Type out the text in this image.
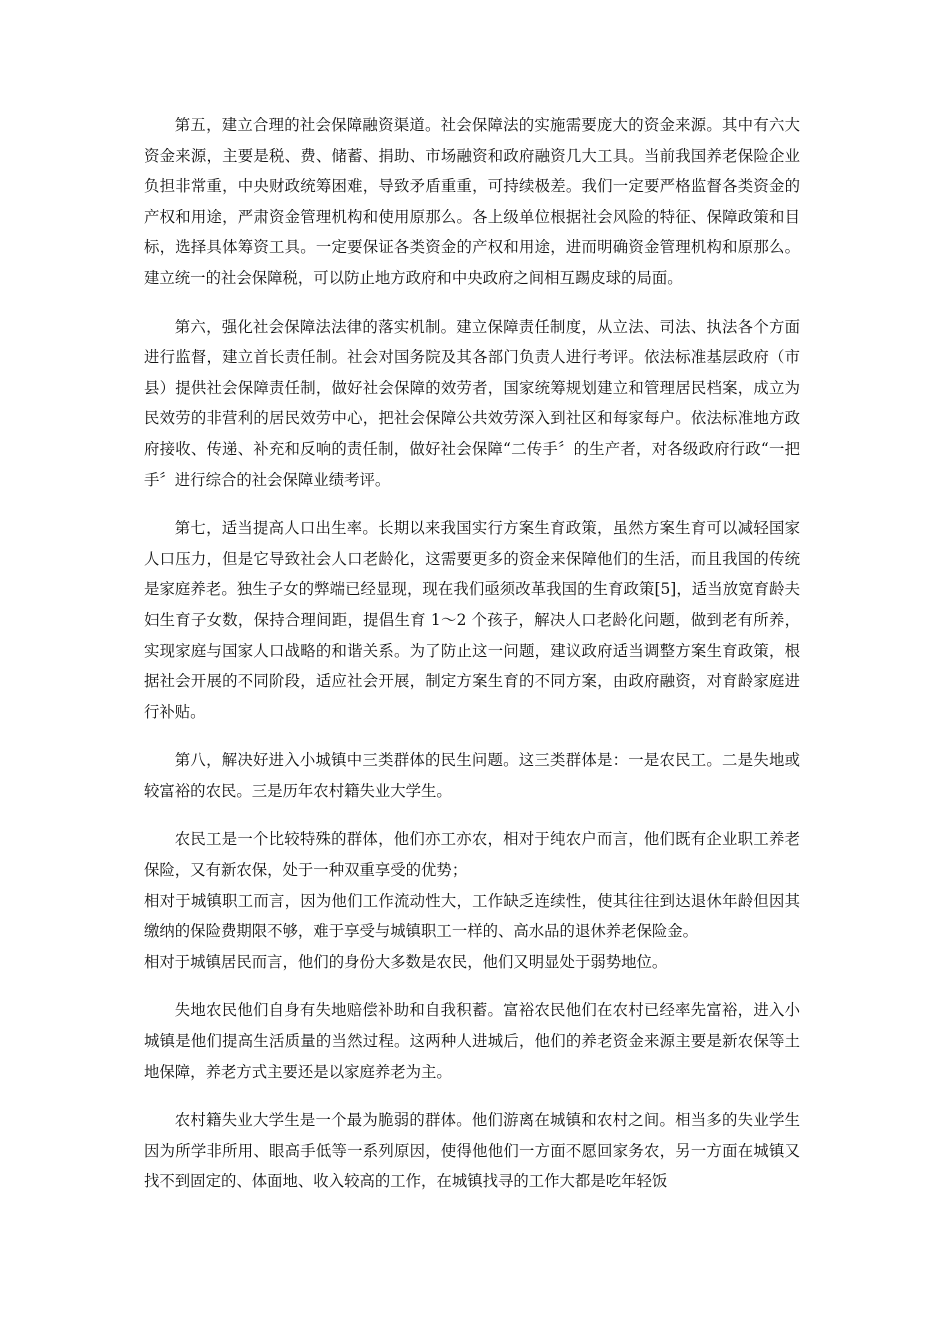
第五，建立合理的社会保障融资渠道。社会保障法的实施需要庞大的资金来源。其中有六大资金来源，主要是税、费、储蓄、捐助、市场融资和政府融资几大工具。当前我国养老保险企业负担非常重，中央财政统筹困难，导致矛盾重重，可持续极差。我们一定要严格监督各类资金的产权和用途，严肃资金管理机构和使用原那么。各上级单位根据社会风险的特征、保障政策和目标，选择具体筹资工具。一定要保证各类资金的产权和用途，进而明确资金管理机构和原那么。建立统一的社会保障税，可以防止地方政府和中央政府之间相互踢皮球的局面。

第六，强化社会保障法法律的落实机制。建立保障责任制度，从立法、司法、执法各个方面进行监督，建立首长责任制。社会对国务院及其各部门负责人进行考评。依法标准基层政府（市县）提供社会保障责任制，做好社会保障的效劳者，国家统筹规划建立和管理居民档案，成立为民效劳的非营利的居民效劳中心，把社会保障公共效劳深入到社区和每家每户。依法标准地方政府接收、传递、补充和反响的责任制，做好社会保障“二传手〞的生产者，对各级政府行政“一把手〞进行综合的社会保障业绩考评。

第七，适当提高人口出生率。长期以来我国实行方案生育政策，虽然方案生育可以减轻国家人口压力，但是它导致社会人口老龄化，这需要更多的资金来保障他们的生活，而且我国的传统是家庭养老。独生子女的弊端已经显现，现在我们亟须改革我国的生育政策[5]，适当放宽育龄夫妇生育子女数，保持合理间距，提倡生育 1～2 个孩子，解决人口老龄化问题，做到老有所养，实现家庭与国家人口战略的和谐关系。为了防止这一问题，建议政府适当调整方案生育政策，根据社会开展的不同阶段，适应社会开展，制定方案生育的不同方案，由政府融资，对育龄家庭进行补贴。

第八，解决好进入小城镇中三类群体的民生问题。这三类群体是：一是农民工。二是失地或较富裕的农民。三是历年农村籍失业大学生。

农民工是一个比较特殊的群体，他们亦工亦农，相对于纯农户而言，他们既有企业职工养老保险，又有新农保，处于一种双重享受的优势；

相对于城镇职工而言，因为他们工作流动性大，工作缺乏连续性，使其往往到达退休年龄但因其缴纳的保险费期限不够，难于享受与城镇职工一样的、高水品的退休养老保险金。

相对于城镇居民而言，他们的身份大多数是农民，他们又明显处于弱势地位。

失地农民他们自身有失地赔偿补助和自我积蓄。富裕农民他们在农村已经率先富裕，进入小城镇是他们提高生活质量的当然过程。这两种人进城后，他们的养老资金来源主要是新农保等土地保障，养老方式主要还是以家庭养老为主。

农村籍失业大学生是一个最为脆弱的群体。他们游离在城镇和农村之间。相当多的失业学生因为所学非所用、眼高手低等一系列原因，使得他他们一方面不愿回家务农，另一方面在城镇又找不到固定的、体面地、收入较高的工作，在城镇找寻的工作大都是吃年轻饭
